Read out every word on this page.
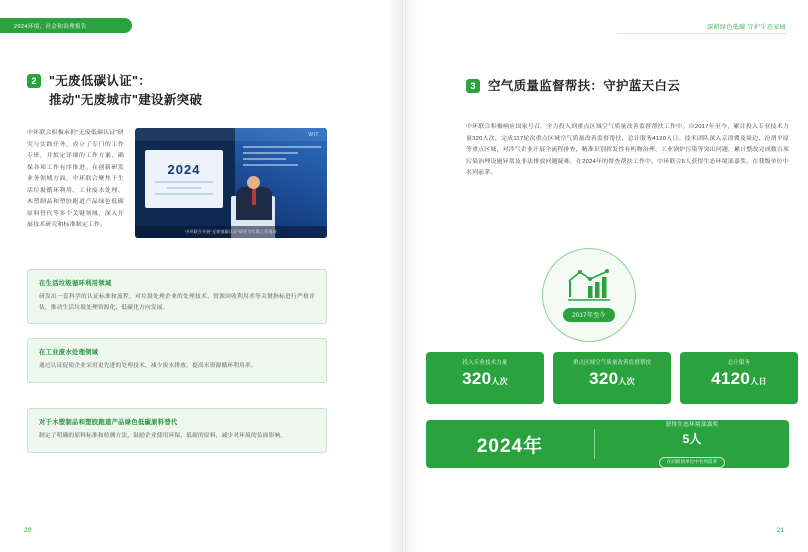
2024环境、社会和治理报告
2	"无废低碳认证"：
推动"无废城市"建设新突破
中环联合积极承担"无废低碳认证"研究与实践任务，成立了专门的工作专班，并拟定详细的工作方案，确保各项工作有序推进。在创新研发业务领域方面，中环联合聚焦于生活垃圾循环利用、工业废水处理、木塑制品和塑胶跑道产品绿色低碳原料替代等多个关键领域，深入开展技术研究和标准制定工作。
WIT
2024
中环联合开展"无废低碳认证"研究与实践工作现场
在生活垃圾循环利用领域

研发出一套科学的认证标准和流程，对垃圾处理企业的处理技术、资源回收利用率等关键指标进行严格评估，推动生活垃圾处理资源化、低碳化方向发展。

在工业废水处理领域

通过认证促使企业采用更先进的处理技术，减少废水排放，提高水资源循环利用率。

对于木塑制品和塑胶跑道产品绿色低碳原料替代

制定了明确的原料标准和检测方法，鼓励企业使用环保、低碳的原料，减少对环境的负面影响。

20
深耕绿色低碳 守护生态家园
3	空气质量监督帮扶：守护蓝天白云
中环联合积极响应国家号召，全力投入到重点区域空气质量改善监督帮扶工作中。自2017年至今，累计投入专业技术力量320人次，完成117轮次重点区域空气质量改善监督帮扶，总计服务4120人日。技术团队深入京津冀及周边、汾渭平原等重点区域，对涉气企业开展全流程排查，精准识别挥发性有机物治理、工业锅炉污染等突出问题，累计整改完成数百项污染治理设施异常及非法排放问题疑难，在2024年的督查帮扶工作中，中环联合5人获得生态环境部嘉奖，在我级单位中名列前茅。
2017年至今
投入专业技术力量
320人次
重点区域空气质量改善监督帮扶
320人次
总计服务
4120人日
2024年
获得生态环境部嘉奖
5人
在同级别单位中名列前茅
21
